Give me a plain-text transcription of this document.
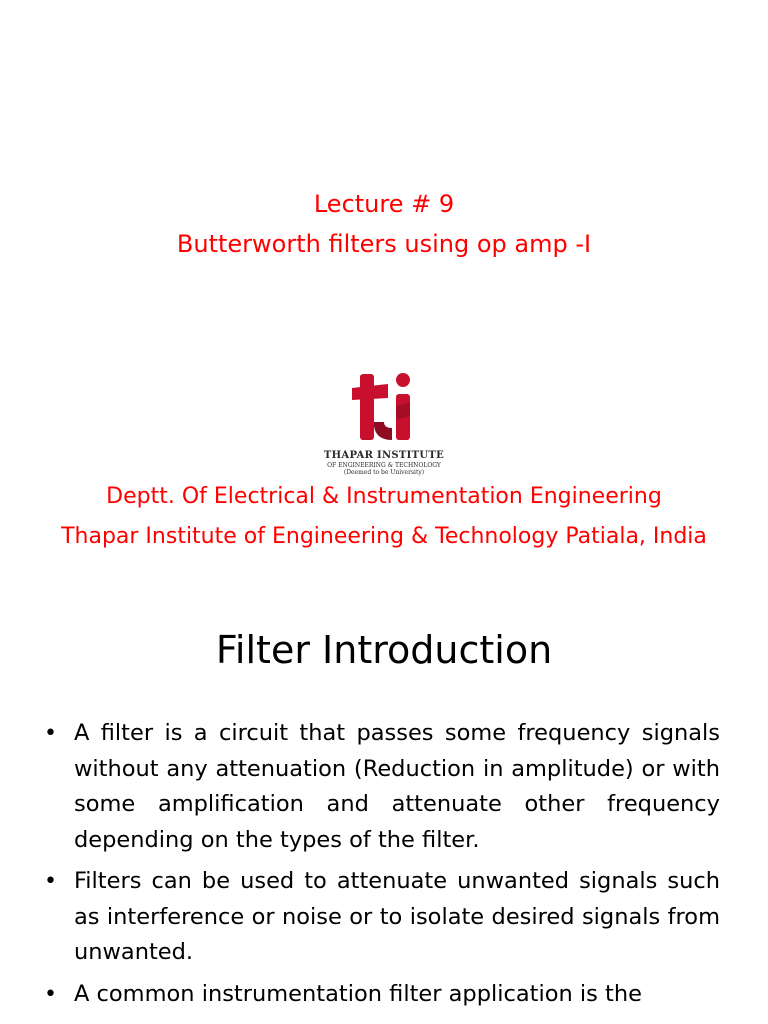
Lecture # 9
Butterworth filters using op amp -I
THAPAR INSTITUTE
OF ENGINEERING & TECHNOLOGY
(Deemed to be University)
Deptt. Of Electrical & Instrumentation Engineering
Thapar Institute of Engineering & Technology Patiala, India
Filter Introduction
• A filter is a circuit that passes some frequency signals without any attenuation (Reduction in amplitude) or with some amplification and attenuate other frequency depending on the types of the filter.
• Filters can be used to attenuate unwanted signals such as interference or noise or to isolate desired signals from unwanted.
• A common instrumentation filter application is the
